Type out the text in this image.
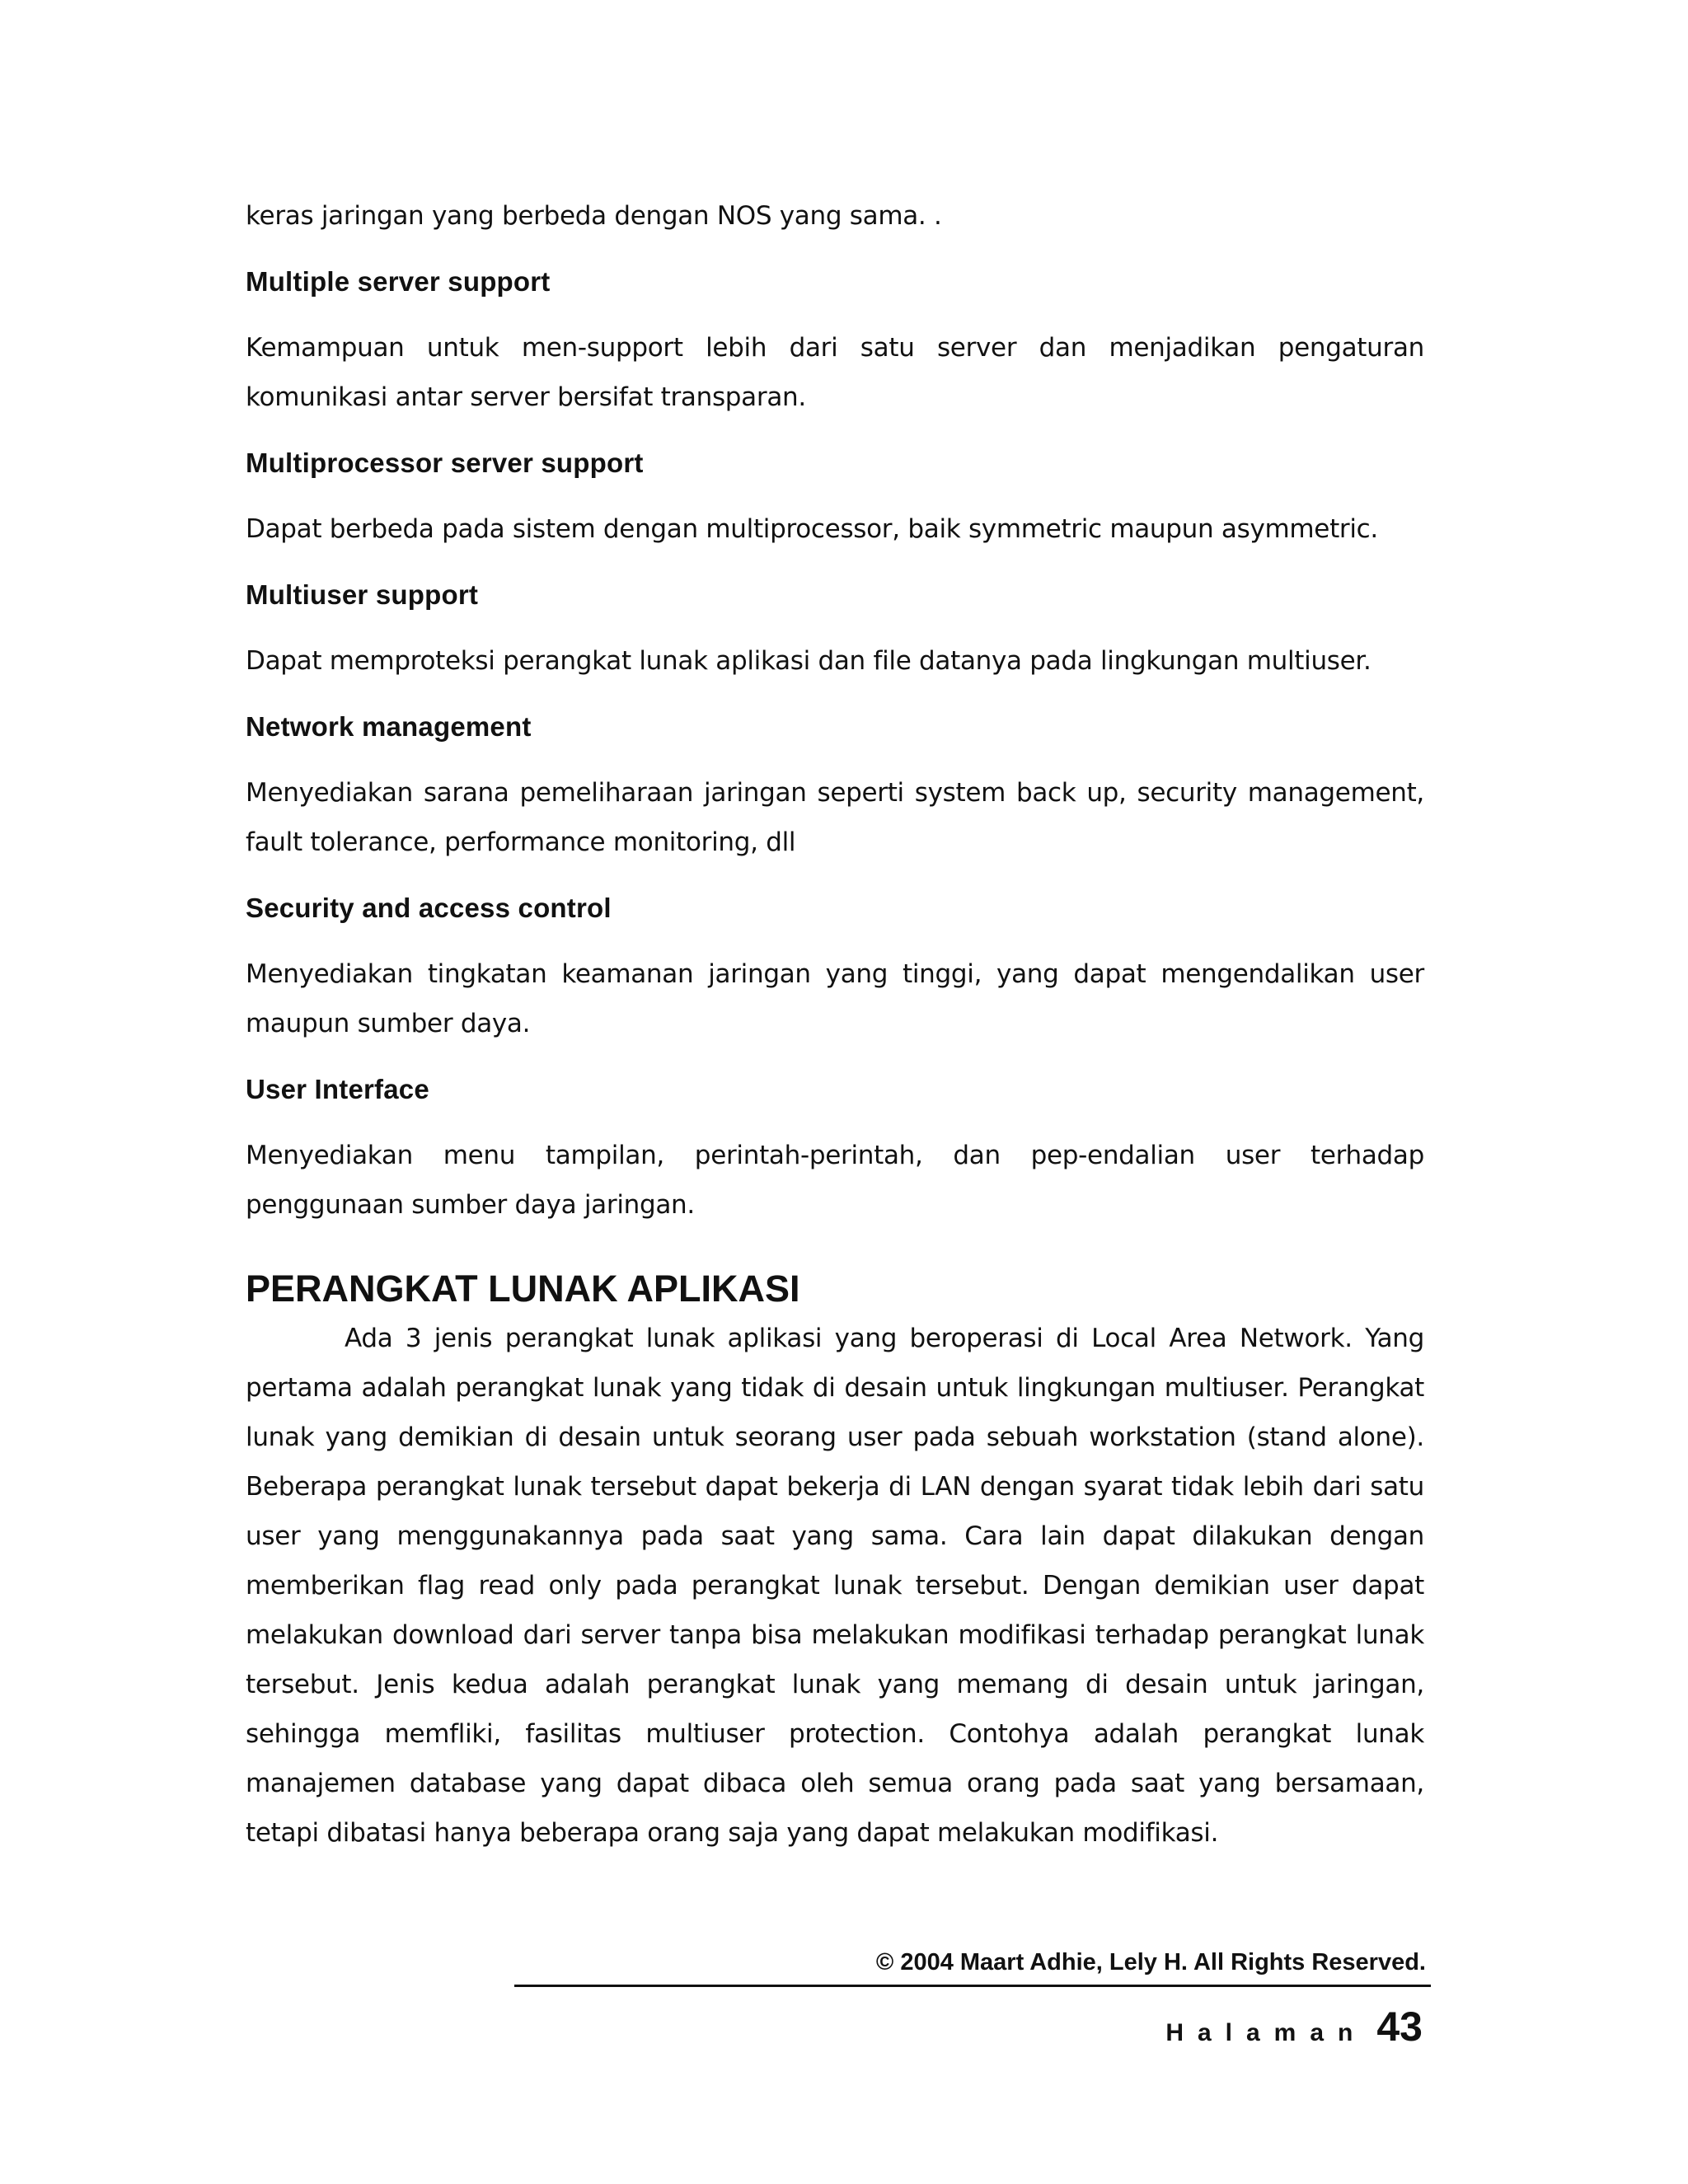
keras jaringan yang berbeda dengan NOS yang sama. .

Multiple server support

Kemampuan untuk men-support lebih dari satu server dan menjadikan pengaturan komunikasi antar server bersifat transparan.

Multiprocessor server support

Dapat berbeda pada sistem dengan multiprocessor, baik symmetric maupun asymmetric.

Multiuser support

Dapat memproteksi perangkat lunak aplikasi dan file datanya pada lingkungan multiuser.

Network management

Menyediakan sarana pemeliharaan jaringan seperti system back up, security management, fault tolerance, performance monitoring, dll

Security and access control

Menyediakan tingkatan keamanan jaringan yang tinggi, yang dapat mengendalikan user maupun sumber daya.

User Interface

Menyediakan menu tampilan, perintah-perintah, dan pep-endalian user terhadap penggunaan sumber daya jaringan.

PERANGKAT LUNAK APLIKASI

Ada 3 jenis perangkat lunak aplikasi yang beroperasi di Local Area Network. Yang pertama adalah perangkat lunak yang tidak di desain untuk lingkungan multiuser. Perangkat lunak yang demikian di desain untuk seorang user pada sebuah workstation (stand alone). Beberapa perangkat lunak tersebut dapat bekerja di LAN dengan syarat tidak lebih dari satu user yang menggunakannya pada saat yang sama. Cara lain dapat dilakukan dengan memberikan flag read only pada perangkat lunak tersebut. Dengan demikian user dapat melakukan download dari server tanpa bisa melakukan modifikasi terhadap perangkat lunak tersebut. Jenis kedua adalah perangkat lunak yang memang di desain untuk jaringan, sehingga memfliki, fasilitas multiuser protection. Contohya adalah perangkat lunak manajemen database yang dapat dibaca oleh semua orang pada saat yang bersamaan, tetapi dibatasi hanya beberapa orang saja yang dapat melakukan modifikasi.

© 2004 Maart Adhie, Lely H. All Rights Reserved.
Halaman 43
